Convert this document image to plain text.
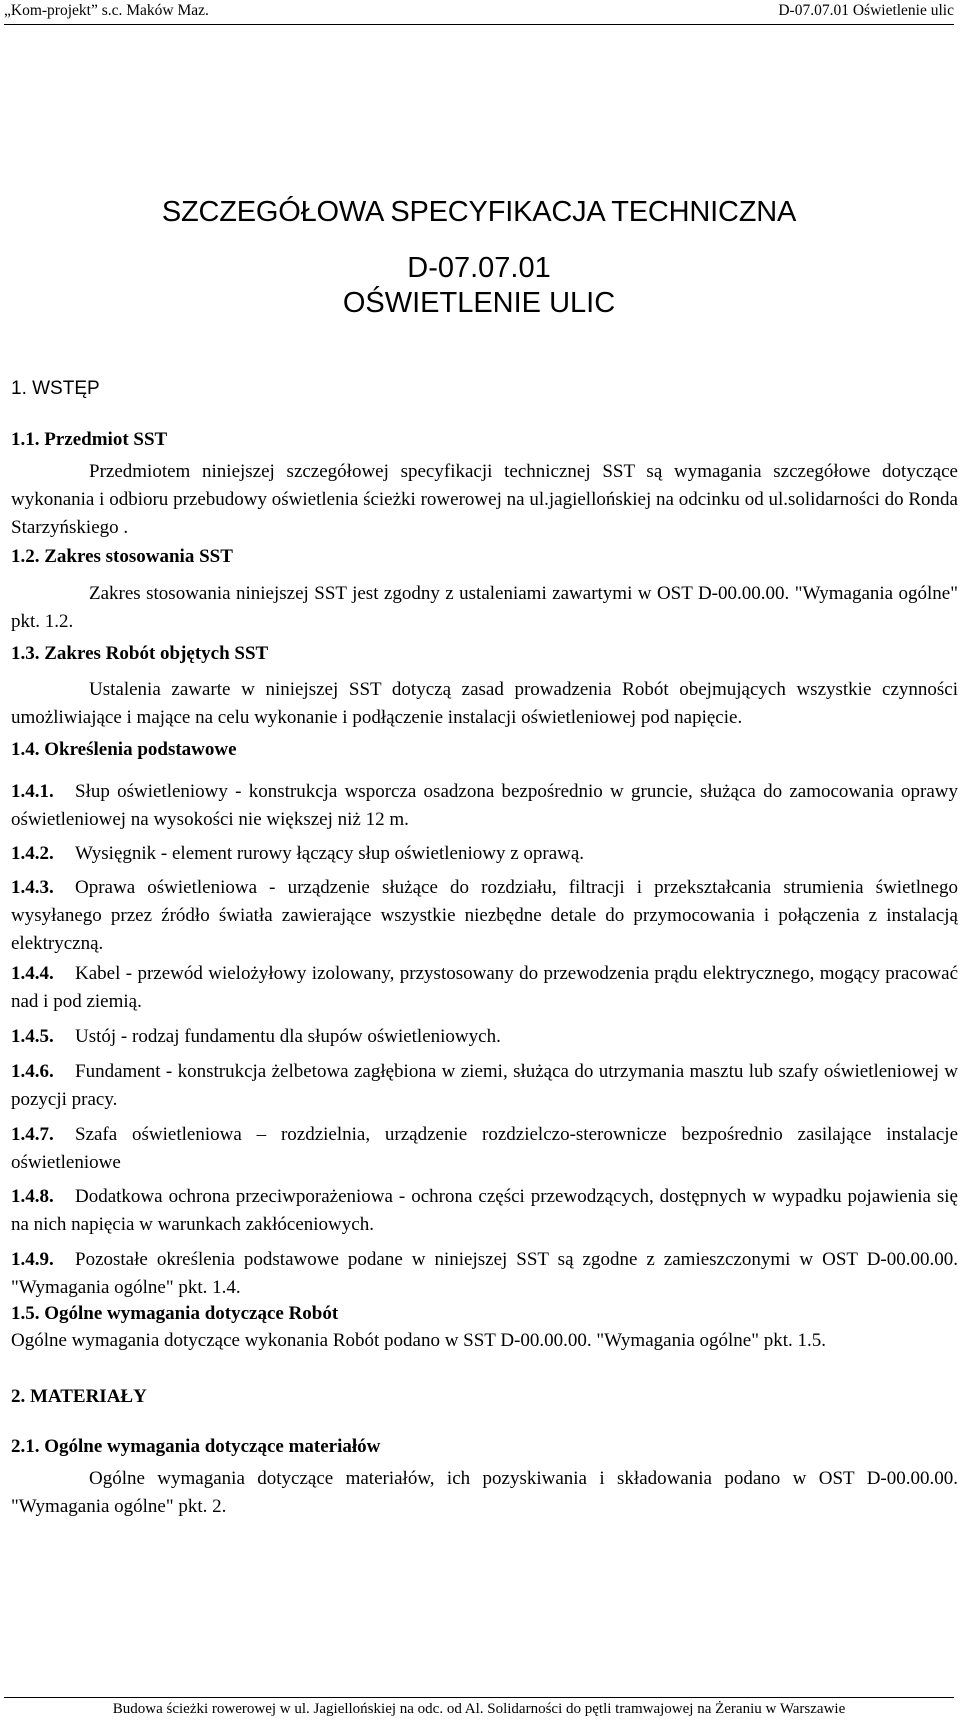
„Kom-projekt” s.c. Maków Maz.	D-07.07.01 Oświetlenie ulic
SZCZEGÓŁOWA SPECYFIKACJA TECHNICZNA
D-07.07.01
OŚWIETLENIE ULIC
1. WSTĘP
1.1. Przedmiot SST
Przedmiotem niniejszej szczegółowej specyfikacji technicznej SST są wymagania szczegółowe dotyczące wykonania i odbioru przebudowy oświetlenia ścieżki rowerowej na ul.jagiellońskiej na odcinku od ul.solidarności do Ronda Starzyńskiego .
1.2. Zakres stosowania SST
Zakres stosowania niniejszej SST jest zgodny z ustaleniami zawartymi w OST D-00.00.00. "Wymagania ogólne" pkt. 1.2.
1.3. Zakres Robót objętych SST
Ustalenia zawarte w niniejszej SST dotyczą zasad prowadzenia Robót obejmujących wszystkie czynności umożliwiające i mające na celu wykonanie i podłączenie instalacji oświetleniowej pod napięcie.
1.4. Określenia podstawowe
1.4.1. Słup oświetleniowy - konstrukcja wsporcza osadzona bezpośrednio w gruncie, służąca do zamocowania oprawy oświetleniowej na wysokości nie większej niż 12 m.
1.4.2. Wysięgnik - element rurowy łączący słup oświetleniowy z oprawą.
1.4.3. Oprawa oświetleniowa - urządzenie służące do rozdziału, filtracji i przekształcania strumienia świetlnego wysyłanego przez źródło światła zawierające wszystkie niezbędne detale do przymocowania i połączenia z instalacją elektryczną.
1.4.4. Kabel - przewód wielożyłowy izolowany, przystosowany do przewodzenia prądu elektrycznego, mogący pracować nad i pod ziemią.
1.4.5. Ustój - rodzaj fundamentu dla słupów oświetleniowych.
1.4.6. Fundament - konstrukcja żelbetowa zagłębiona w ziemi, służąca do utrzymania masztu lub szafy oświetleniowej w pozycji pracy.
1.4.7. Szafa oświetleniowa – rozdzielnia, urządzenie rozdzielczo-sterownicze bezpośrednio zasilające instalacje oświetleniowe
1.4.8. Dodatkowa ochrona przeciwporażeniowa - ochrona części przewodzących, dostępnych w wypadku pojawienia się na nich napięcia w warunkach zakłóceniowych.
1.4.9. Pozostałe określenia podstawowe podane w niniejszej SST są zgodne z zamieszczonymi w OST D-00.00.00. "Wymagania ogólne" pkt. 1.4.
1.5. Ogólne wymagania dotyczące Robót
Ogólne wymagania dotyczące wykonania Robót podano w SST D-00.00.00. "Wymagania ogólne" pkt. 1.5.
2. MATERIAŁY
2.1. Ogólne wymagania dotyczące materiałów
Ogólne wymagania dotyczące materiałów, ich pozyskiwania i składowania podano w OST D-00.00.00. "Wymagania ogólne" pkt. 2.
Budowa ścieżki rowerowej w ul. Jagiellońskiej na odc. od Al. Solidarności do pętli tramwajowej na Żeraniu w Warszawie
